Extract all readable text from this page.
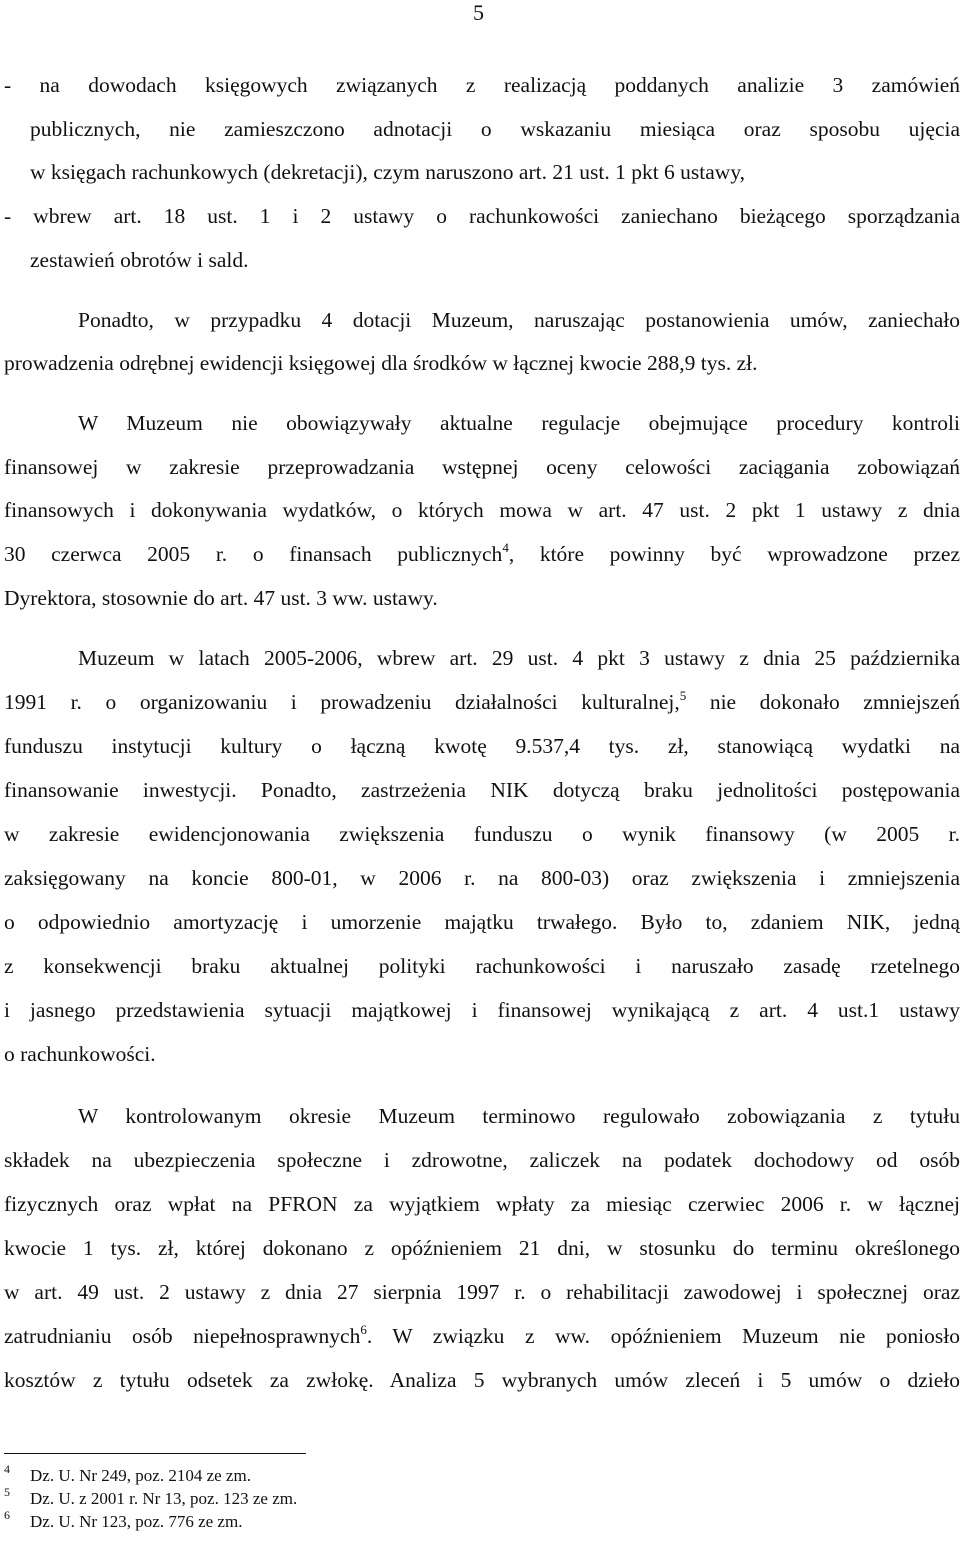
5
- na dowodach księgowych związanych z realizacją poddanych analizie 3 zamówień
publicznych, nie zamieszczono adnotacji o wskazaniu miesiąca oraz sposobu ujęcia
w księgach rachunkowych (dekretacji), czym naruszono art. 21 ust. 1 pkt 6 ustawy,
- wbrew art. 18 ust. 1 i 2 ustawy o rachunkowości zaniechano bieżącego sporządzania
zestawień obrotów i sald.
Ponadto, w przypadku 4 dotacji Muzeum, naruszając postanowienia umów, zaniechało
prowadzenia odrębnej ewidencji księgowej dla środków w łącznej kwocie 288,9 tys. zł.
W Muzeum nie obowiązywały aktualne regulacje obejmujące procedury kontroli
finansowej w zakresie przeprowadzania wstępnej oceny celowości zaciągania zobowiązań
finansowych i dokonywania wydatków, o których mowa w art. 47 ust. 2 pkt 1 ustawy z dnia
30 czerwca 2005 r. o finansach publicznych$^4$, które powinny być wprowadzone przez
Dyrektora, stosownie do art. 47 ust. 3 ww. ustawy.
Muzeum w latach 2005-2006, wbrew art. 29 ust. 4 pkt 3 ustawy z dnia 25 października
1991 r. o organizowaniu i prowadzeniu działalności kulturalnej,$^5$ nie dokonało zmniejszeń
funduszu instytucji kultury o łączną kwotę 9.537,4 tys. zł, stanowiącą wydatki na
finansowanie inwestycji. Ponadto, zastrzeżenia NIK dotyczą braku jednolitości postępowania
w zakresie ewidencjonowania zwiększenia funduszu o wynik finansowy (w 2005 r.
zaksięgowany na koncie 800-01, w 2006 r. na 800-03) oraz zwiększenia i zmniejszenia
o odpowiednio amortyzację i umorzenie majątku trwałego. Było to, zdaniem NIK, jedną
z konsekwencji braku aktualnej polityki rachunkowości i naruszało zasadę rzetelnego
i jasnego przedstawienia sytuacji majątkowej i finansowej wynikającą z art. 4 ust.1 ustawy
o rachunkowości.
W kontrolowanym okresie Muzeum terminowo regulowało zobowiązania z tytułu
składek na ubezpieczenia społeczne i zdrowotne, zaliczek na podatek dochodowy od osób
fizycznych oraz wpłat na PFRON za wyjątkiem wpłaty za miesiąc czerwiec 2006 r. w łącznej
kwocie 1 tys. zł, której dokonano z opóźnieniem 21 dni, w stosunku do terminu określonego
w art. 49 ust. 2 ustawy z dnia 27 sierpnia 1997 r. o rehabilitacji zawodowej i społecznej oraz
zatrudnianiu osób niepełnosprawnych$^6$. W związku z ww. opóźnieniem Muzeum nie poniosło
kosztów z tytułu odsetek za zwłokę. Analiza 5 wybranych umów zleceń i 5 umów o dzieło
4 Dz. U. Nr 249, poz. 2104 ze zm.
5 Dz. U. z 2001 r. Nr 13, poz. 123 ze zm.
6 Dz. U. Nr 123, poz. 776 ze zm.
